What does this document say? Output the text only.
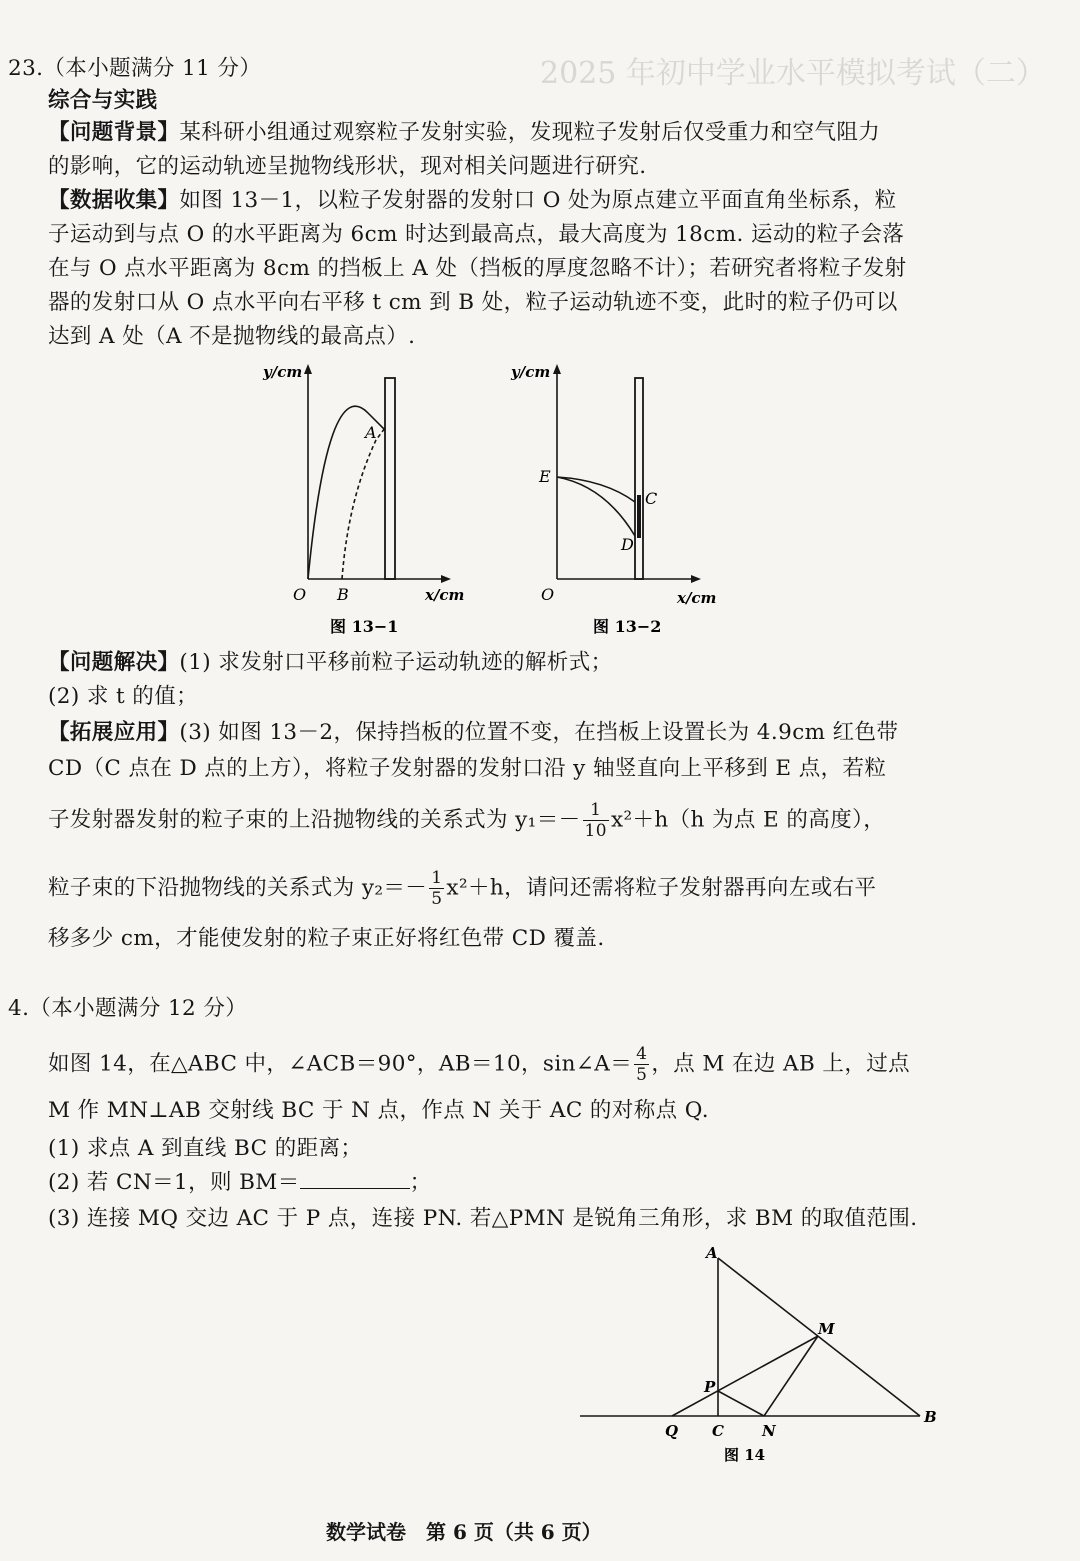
2025 年初中学业水平模拟考试（二）
23.（本小题满分 11 分）
综合与实践
【问题背景】某科研小组通过观察粒子发射实验，发现粒子发射后仅受重力和空气阻力
的影响，它的运动轨迹呈抛物线形状，现对相关问题进行研究.
【数据收集】如图 13－1，以粒子发射器的发射口 O 处为原点建立平面直角坐标系，粒
子运动到与点 O 的水平距离为 6cm 时达到最高点，最大高度为 18cm. 运动的粒子会落
在与 O 点水平距离为 8cm 的挡板上 A 处（挡板的厚度忽略不计）；若研究者将粒子发射
器的发射口从 O 点水平向右平移 t cm 到 B 处，粒子运动轨迹不变，此时的粒子仍可以
达到 A 处（A 不是抛物线的最高点）.
y/cm
x/cm
O B
A
图 13−1
y/cm
x/cm
O
E
C
D
图 13−2
【问题解决】(1) 求发射口平移前粒子运动轨迹的解析式；
(2) 求 t 的值；
【拓展应用】(3) 如图 13－2，保持挡板的位置不变，在挡板上设置长为 4.9cm 红色带
CD（C 点在 D 点的上方），将粒子发射器的发射口沿 y 轴竖直向上平移到 E 点，若粒
子发射器发射的粒子束的上沿抛物线的关系式为 $y_1=- \frac{1}{10} x^2+h(h$ 为点 E 的高度），
粒子束的下沿抛物线的关系式为 $y_2=- \frac{1}{5} x^2+h$，请问还需将粒子发射器再向左或右平
移多少 cm，才能使发射的粒子束正好将红色带 CD 覆盖.
4.（本小题满分 12 分）
如图 14，在△ABC 中，∠ACB＝90°，AB＝10，sin∠A＝ $\frac{4}{5}$ ，点 M 在边 AB 上，过点
M 作 MN⊥AB 交射线 BC 于 N 点，作点 N 关于 AC 的对称点 Q.
(1) 求点 A 到直线 BC 的距离；
(2) 若 CN＝1，则 BM＝	；
(3) 连接 MQ 交边 AC 于 P 点，连接 PN. 若△PMN 是锐角三角形，求 BM 的取值范围.
A
M
P
Q C	N
B
图 14
数学试卷　第 6 页（共 6 页）
